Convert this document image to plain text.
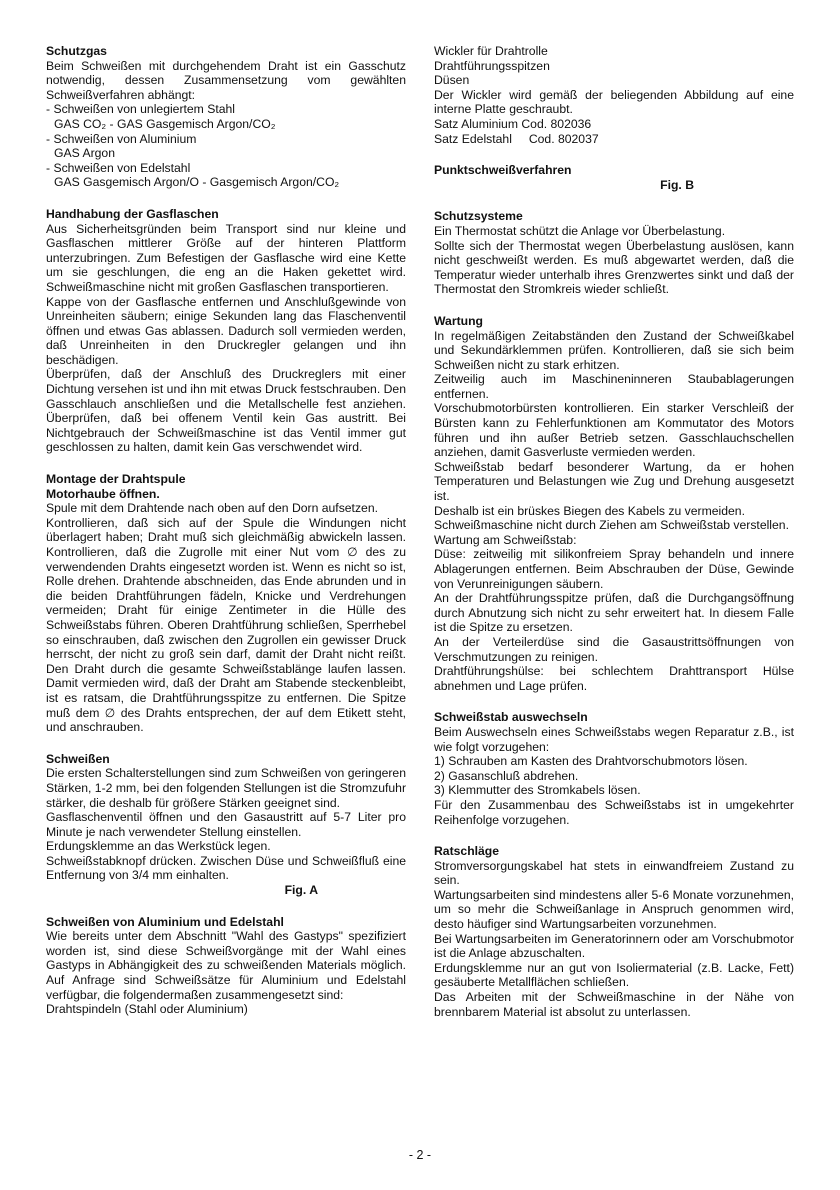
Schutzgas

Beim Schweißen mit durchgehendem Draht ist ein Gasschutz notwendig, dessen Zusammensetzung vom gewählten Schweißverfahren abhängt:

- Schweißen von unlegiertem Stahl
GAS CO₂ - GAS Gasgemisch Argon/CO₂
- Schweißen von Aluminium
GAS Argon
- Schweißen von Edelstahl
GAS Gasgemisch Argon/O - Gasgemisch Argon/CO₂
Handhabung der Gasflaschen

Aus Sicherheitsgründen beim Transport sind nur kleine und Gasflaschen mittlerer Größe auf der hinteren Plattform unterzubringen. Zum Befestigen der Gasflasche wird eine Kette um sie geschlungen, die eng an die Haken gekettet wird. Schweißmaschine nicht mit großen Gasflaschen transportieren.

Kappe von der Gasflasche entfernen und Anschlußgewinde von Unreinheiten säubern; einige Sekunden lang das Flaschenventil öffnen und etwas Gas ablassen. Dadurch soll vermieden werden, daß Unreinheiten in den Druckregler gelangen und ihn beschädigen.

Überprüfen, daß der Anschluß des Druckreglers mit einer Dichtung versehen ist und ihn mit etwas Druck festschrauben. Den Gasschlauch anschließen und die Metallschelle fest anziehen. Überprüfen, daß bei offenem Ventil kein Gas austritt. Bei Nichtgebrauch der Schweißmaschine ist das Ventil immer gut geschlossen zu halten, damit kein Gas verschwendet wird.

Montage der Drahtspule
Motorhaube öffnen.

Spule mit dem Drahtende nach oben auf den Dorn aufsetzen.

Kontrollieren, daß sich auf der Spule die Windungen nicht überlagert haben; Draht muß sich gleichmäßig abwickeln lassen. Kontrollieren, daß die Zugrolle mit einer Nut vom ∅ des zu verwendenden Drahts eingesetzt worden ist. Wenn es nicht so ist, Rolle drehen. Drahtende abschneiden, das Ende abrunden und in die beiden Drahtführungen fädeln, Knicke und Verdrehungen vermeiden; Draht für einige Zentimeter in die Hülle des Schweißstabs führen. Oberen Drahtführung schließen, Sperrhebel so einschrauben, daß zwischen den Zugrollen ein gewisser Druck herrscht, der nicht zu groß sein darf, damit der Draht nicht reißt. Den Draht durch die gesamte Schweißstablänge laufen lassen. Damit vermieden wird, daß der Draht am Stabende steckenbleibt, ist es ratsam, die Drahtführungsspitze zu entfernen. Die Spitze muß dem ∅ des Drahts entsprechen, der auf dem Etikett steht, und anschrauben.

Schweißen

Die ersten Schalterstellungen sind zum Schweißen von geringeren Stärken, 1-2 mm, bei den folgenden Stellungen ist die Stromzufuhr stärker, die deshalb für größere Stärken geeignet sind.

Gasflaschenventil öffnen und den Gasaustritt auf 5-7 Liter pro Minute je nach verwendeter Stellung einstellen.

Erdungsklemme an das Werkstück legen.

Schweißstabknopf drücken. Zwischen Düse und Schweißfluß eine Entfernung von 3/4 mm einhalten.

Fig. A
Schweißen von Aluminium und Edelstahl

Wie bereits unter dem Abschnitt "Wahl des Gastyps" spezifiziert worden ist, sind diese Schweißvorgänge mit der Wahl eines Gastyps in Abhängigkeit des zu schweißenden Materials möglich. Auf Anfrage sind Schweißsätze für Aluminium und Edelstahl verfügbar, die folgendermaßen zusammengesetzt sind:

Drahtspindeln (Stahl oder Aluminium)
Wickler für Drahtrolle
Drahtführungsspitzen
Düsen

Der Wickler wird gemäß der beliegenden Abbildung auf eine interne Platte geschraubt.

Satz Aluminium Cod. 802036
Satz Edelstahl     Cod. 802037
Punktschweißverfahren
Fig. B
Schutzsysteme

Ein Thermostat schützt die Anlage vor Überbelastung.

Sollte sich der Thermostat wegen Überbelastung auslösen, kann nicht geschweißt werden. Es muß abgewartet werden, daß die Temperatur wieder unterhalb ihres Grenzwertes sinkt und daß der Thermostat den Stromkreis wieder schließt.

Wartung

In regelmäßigen Zeitabständen den Zustand der Schweißkabel und Sekundärklemmen prüfen. Kontrollieren, daß sie sich beim Schweißen nicht zu stark erhitzen.

Zeitweilig auch im Maschineninneren Staubablagerungen entfernen.

Vorschubmotorbürsten kontrollieren. Ein starker Verschleiß der Bürsten kann zu Fehlerfunktionen am Kommutator des Motors führen und ihn außer Betrieb setzen. Gasschlauchschellen anziehen, damit Gasverluste vermieden werden.

Schweißstab bedarf besonderer Wartung, da er hohen Temperaturen und Belastungen wie Zug und Drehung ausgesetzt ist.

Deshalb ist ein brüskes Biegen des Kabels zu vermeiden.

Schweißmaschine nicht durch Ziehen am Schweißstab verstellen.

Wartung am Schweißstab:

Düse: zeitweilig mit silikonfreiem Spray behandeln und innere Ablagerungen entfernen. Beim Abschrauben der Düse, Gewinde von Verunreinigungen säubern.

An der Drahtführungsspitze prüfen, daß die Durchgangsöffnung durch Abnutzung sich nicht zu sehr erweitert hat. In diesem Falle ist die Spitze zu ersetzen.

An der Verteilerdüse sind die Gasaustrittsöffnungen von Verschmutzungen zu reinigen.

Drahtführungshülse: bei schlechtem Drahttransport Hülse abnehmen und Lage prüfen.

Schweißstab auswechseln

Beim Auswechseln eines Schweißstabs wegen Reparatur z.B., ist wie folgt vorzugehen:

1) Schrauben am Kasten des Drahtvorschubmotors lösen.
2) Gasanschluß abdrehen.
3) Klemmutter des Stromkabels lösen.

Für den Zusammenbau des Schweißstabs ist in umgekehrter Reihenfolge vorzugehen.

Ratschläge

Stromversorgungskabel hat stets in einwandfreiem Zustand zu sein.

Wartungsarbeiten sind mindestens aller 5-6 Monate vorzunehmen, um so mehr die Schweißanlage in Anspruch genommen wird, desto häufiger sind Wartungsarbeiten vorzunehmen.

Bei Wartungsarbeiten im Generatorinnern oder am Vorschubmotor ist die Anlage abzuschalten.

Erdungsklemme nur an gut von Isoliermaterial (z.B. Lacke, Fett) gesäuberte Metallflächen schließen.

Das Arbeiten mit der Schweißmaschine in der Nähe von brennbarem Material ist absolut zu unterlassen.

- 2 -
